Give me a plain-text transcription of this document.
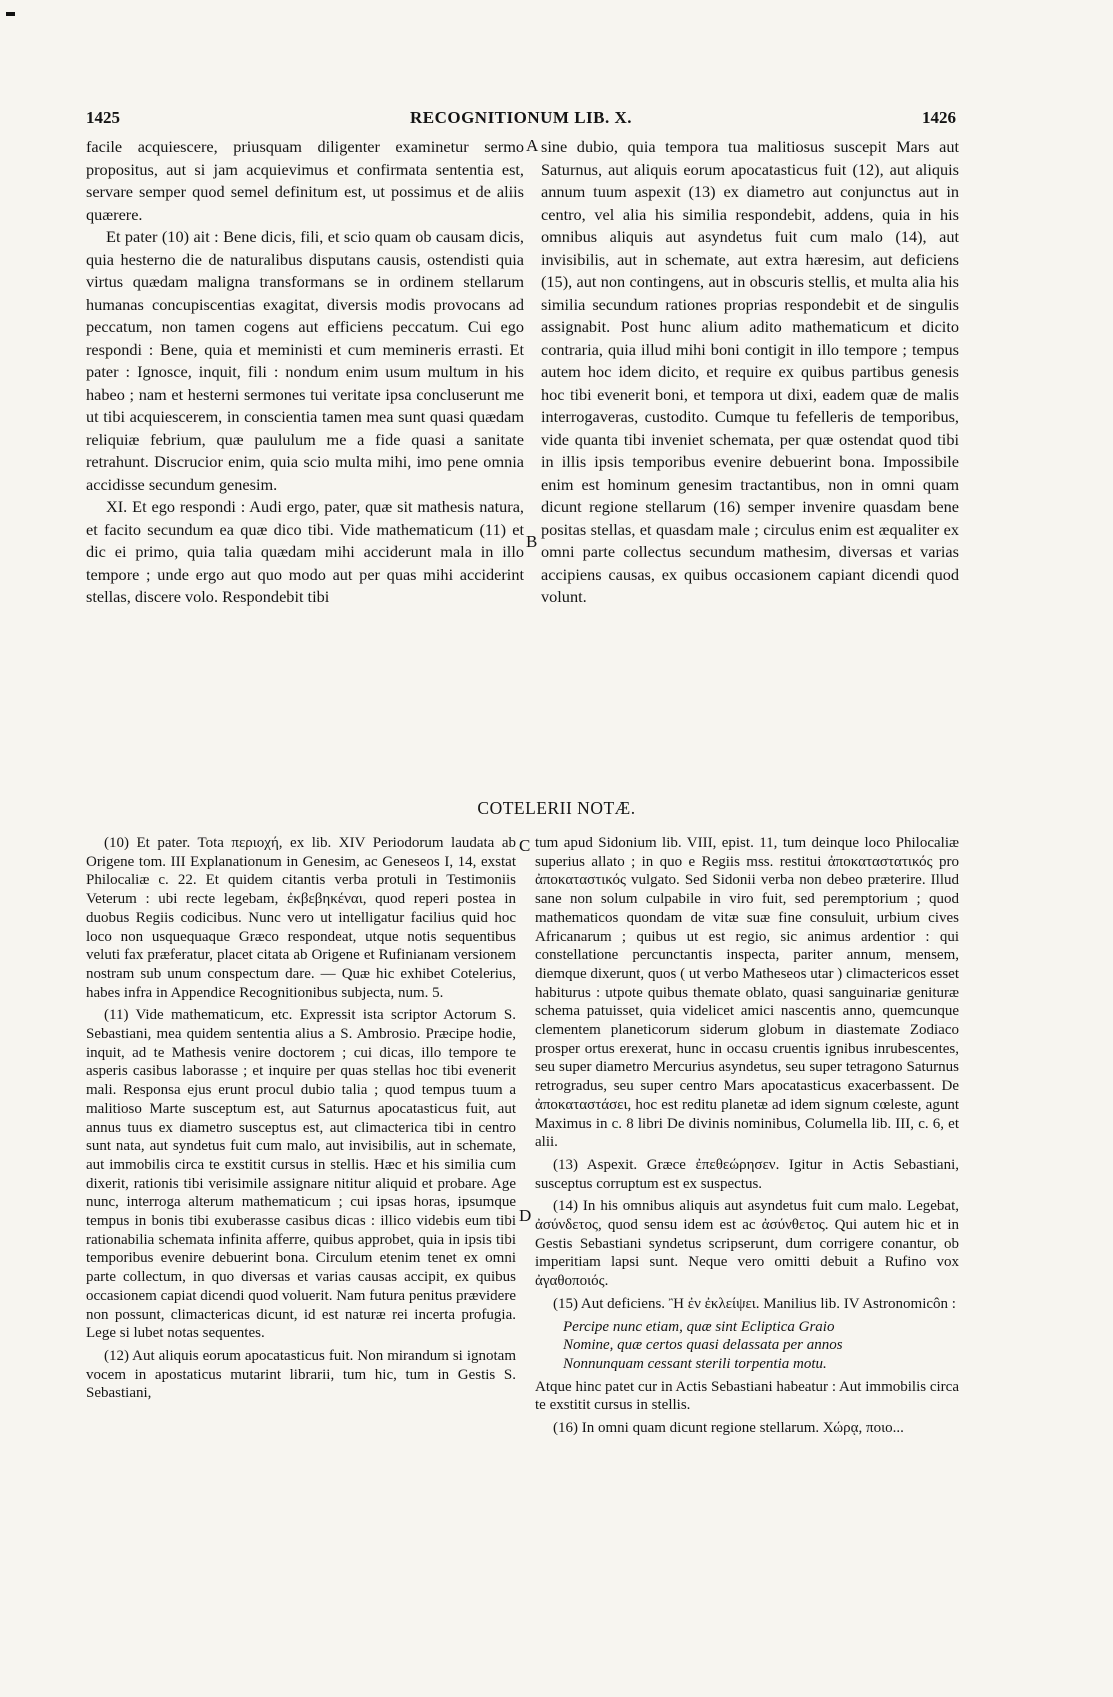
1425	RECOGNITIONUM LIB. X.	1426
A
B
C
D

facile acquiescere, priusquam diligenter examinetur sermo propositus, aut si jam acquievimus et confirmata sententia est, servare semper quod semel definitum est, ut possimus et de aliis quærere.

Et pater (10) ait : Bene dicis, fili, et scio quam ob causam dicis, quia hesterno die de naturalibus disputans causis, ostendisti quia virtus quædam maligna transformans se in ordinem stellarum humanas concupiscentias exagitat, diversis modis provocans ad peccatum, non tamen cogens aut efficiens peccatum. Cui ego respondi : Bene, quia et meministi et cum memineris errasti. Et pater : Ignosce, inquit, fili : nondum enim usum multum in his habeo ; nam et hesterni sermones tui veritate ipsa concluserunt me ut tibi acquiescerem, in conscientia tamen mea sunt quasi quædam reliquiæ febrium, quæ paululum me a fide quasi a sanitate retrahunt. Discrucior enim, quia scio multa mihi, imo pene omnia accidisse secundum genesim.

XI. Et ego respondi : Audi ergo, pater, quæ sit mathesis natura, et facito secundum ea quæ dico tibi. Vide mathematicum (11) et dic ei primo, quia talia quædam mihi acciderunt mala in illo tempore ; unde ergo aut quo modo aut per quas mihi acciderint stellas, discere volo. Respondebit tibi

sine dubio, quia tempora tua malitiosus suscepit Mars aut Saturnus, aut aliquis eorum apocatasticus fuit (12), aut aliquis annum tuum aspexit (13) ex diametro aut conjunctus aut in centro, vel alia his similia respondebit, addens, quia in his omnibus aliquis aut asyndetus fuit cum malo (14), aut invisibilis, aut in schemate, aut extra hæresim, aut deficiens (15), aut non contingens, aut in obscuris stellis, et multa alia his similia secundum rationes proprias respondebit et de singulis assignabit. Post hunc alium adito mathematicum et dicito contraria, quia illud mihi boni contigit in illo tempore ; tempus autem hoc idem dicito, et require ex quibus partibus genesis hoc tibi evenerit boni, et tempora ut dixi, eadem quæ de malis interrogaveras, custodito. Cumque tu fefelleris de temporibus, vide quanta tibi inveniet schemata, per quæ ostendat quod tibi in illis ipsis temporibus evenire debuerint bona. Impossibile enim est hominum genesim tractantibus, non in omni quam dicunt regione stellarum (16) semper invenire quasdam bene positas stellas, et quasdam male ; circulus enim est æqualiter ex omni parte collectus secundum mathesim, diversas et varias accipiens causas, ex quibus occasionem capiant dicendi quod volunt.

COTELERII NOTÆ.

(10) Et pater. Tota περιοχή, ex lib. XIV Periodorum laudata ab Origene tom. III Explanationum in Genesim, ac Geneseos I, 14, exstat Philocaliæ c. 22. Et quidem citantis verba protuli in Testimoniis Veterum : ubi recte legebam, ἐκβεβηκέναι, quod reperi postea in duobus Regiis codicibus. Nunc vero ut intelligatur facilius quid hoc loco non usquequaque Græco respondeat, utque notis sequentibus veluti fax præferatur, placet citata ab Origene et Rufinianam versionem nostram sub unum conspectum dare. — Quæ hic exhibet Cotelerius, habes infra in Appendice Recognitionibus subjecta, num. 5.

(11) Vide mathematicum, etc. Expressit ista scriptor Actorum S. Sebastiani, mea quidem sententia alius a S. Ambrosio. Præcipe hodie, inquit, ad te Mathesis venire doctorem ; cui dicas, illo tempore te asperis casibus laborasse ; et inquire per quas stellas hoc tibi evenerit mali. Responsa ejus erunt procul dubio talia ; quod tempus tuum a malitioso Marte susceptum est, aut Saturnus apocatasticus fuit, aut annus tuus ex diametro susceptus est, aut climacterica tibi in centro sunt nata, aut syndetus fuit cum malo, aut invisibilis, aut in schemate, aut immobilis circa te exstitit cursus in stellis. Hæc et his similia cum dixerit, rationis tibi verisimile assignare nititur aliquid et probare. Age nunc, interroga alterum mathematicum ; cui ipsas horas, ipsumque tempus in bonis tibi exuberasse casibus dicas : illico videbis eum tibi rationabilia schemata infinita afferre, quibus approbet, quia in ipsis tibi temporibus evenire debuerint bona. Circulum etenim tenet ex omni parte collectum, in quo diversas et varias causas accipit, ex quibus occasionem capiat dicendi quod voluerit. Nam futura penitus prævidere non possunt, climactericas dicunt, id est naturæ rei incerta profugia. Lege si lubet notas sequentes.

(12) Aut aliquis eorum apocatasticus fuit. Non mirandum si ignotam vocem in apostaticus mutarint librarii, tum hic, tum in Gestis S. Sebastiani,

tum apud Sidonium lib. VIII, epist. 11, tum deinque loco Philocaliæ superius allato ; in quo e Regiis mss. restitui ἀποκαταστατικός pro ἀποκαταστικός vulgato. Sed Sidonii verba non debeo præterire. Illud sane non solum culpabile in viro fuit, sed peremptorium ; quod mathematicos quondam de vitæ suæ fine consuluit, urbium cives Africanarum ; quibus ut est regio, sic animus ardentior : qui constellatione percunctantis inspecta, pariter annum, mensem, diemque dixerunt, quos ( ut verbo Matheseos utar ) climactericos esset habiturus : utpote quibus thematе oblato, quasi sanguinariæ genituræ schema patuisset, quia videlicet amici nascentis anno, quemcunque clementem planeticorum siderum globum in diastemate Zodiaco prosper ortus erexerat, hunc in occasu cruentis ignibus inrubescentes, seu super diametro Mercurius asyndetus, seu super tetragono Saturnus retrogradus, seu super centro Mars apocatasticus exacerbassent. De ἀποκαταστάσει, hoc est reditu planetæ ad idem signum cœleste, agunt Maximus in c. 8 libri De divinis nominibus, Columella lib. III, c. 6, et alii.

(13) Aspexit. Græce ἐπεθεώρησεν. Igitur in Actis Sebastiani, susceptus corruptum est ex suspectus.

(14) In his omnibus aliquis aut asyndetus fuit cum malo. Legebat, ἀσύνδετος, quod sensu idem est ac ἀσύνθετος. Qui autem hic et in Gestis Sebastiani syndetus scripserunt, dum corrigere conantur, ob imperitiam lapsi sunt. Neque vero omitti debuit a Rufino vox ἀγαθοποιός.

(15) Aut deficiens. Ἢ ἐν ἐκλείψει. Manilius lib. IV Astronomicôn :

Percipe nunc etiam, quæ sint Ecliptica Graio
Nomine, quæ certos quasi delassata per annos
Nonnunquam cessant sterili torpentia motu.

Atque hinc patet cur in Actis Sebastiani habeatur : Aut immobilis circa te exstitit cursus in stellis.

(16) In omni quam dicunt regione stellarum. Χώρᾳ, ποιο...
